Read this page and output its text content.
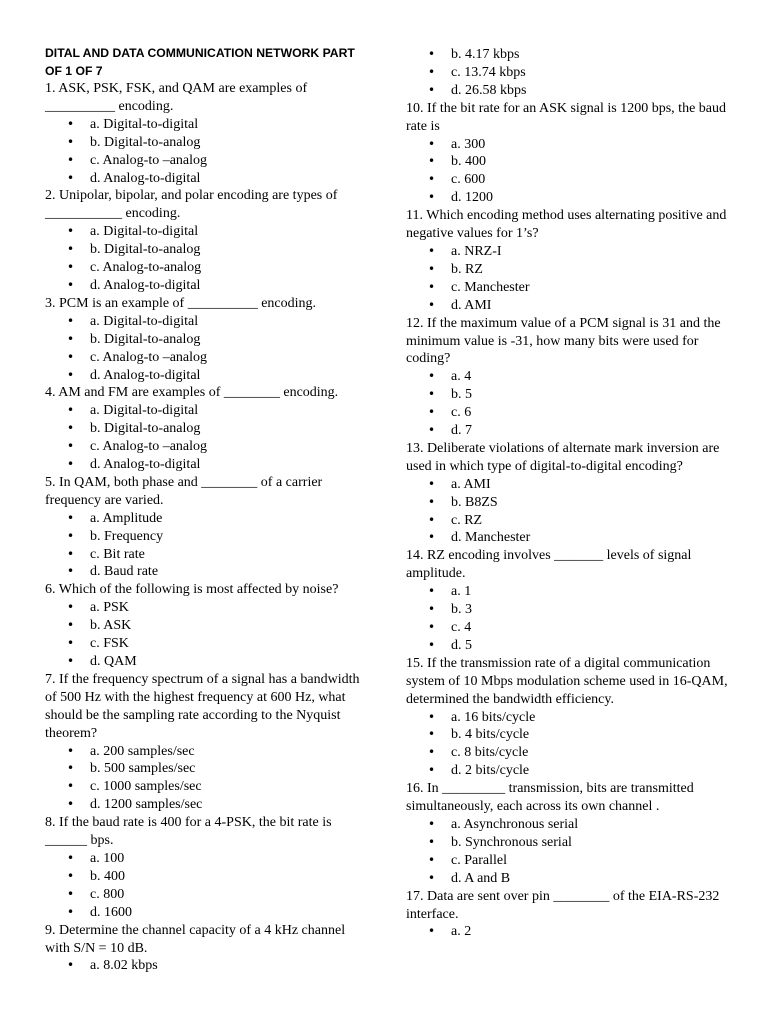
DITAL AND DATA COMMUNICATION NETWORK PART
OF 1 OF 7

1. ASK, PSK, FSK, and QAM are examples of __________ encoding.

• a. Digital-to-digital
• b. Digital-to-analog
• c. Analog-to –analog
• d. Analog-to-digital

2. Unipolar, bipolar, and polar encoding are types of ___________ encoding.

• a. Digital-to-digital
• b. Digital-to-analog
• c. Analog-to-analog
• d. Analog-to-digital

3. PCM is an example of __________ encoding.

• a. Digital-to-digital
• b. Digital-to-analog
• c. Analog-to –analog
• d. Analog-to-digital

4. AM and FM are examples of ________ encoding.

• a. Digital-to-digital
• b. Digital-to-analog
• c. Analog-to –analog
• d. Analog-to-digital

5. In QAM, both phase and ________ of a carrier frequency are varied.

• a. Amplitude
• b. Frequency
• c. Bit rate
• d. Baud rate

6. Which of the following is most affected by noise?

• a. PSK
• b. ASK
• c. FSK
• d. QAM

7. If the frequency spectrum of a signal has a bandwidth of 500 Hz with the highest frequency at 600 Hz, what should be the sampling rate according to the Nyquist theorem?

• a. 200 samples/sec
• b. 500 samples/sec
• c. 1000 samples/sec
• d. 1200 samples/sec

8. If the baud rate is 400 for a 4-PSK, the bit rate is ______ bps.

• a. 100
• b. 400
• c. 800
• d. 1600

9. Determine the channel capacity of a 4 kHz channel with S/N = 10 dB.

• a. 8.02 kbps
• b. 4.17 kbps
• c. 13.74 kbps
• d. 26.58 kbps

10. If the bit rate for an ASK signal is 1200 bps, the baud rate is

• a. 300
• b. 400
• c. 600
• d. 1200

11. Which encoding method uses alternating positive and negative values for 1’s?

• a. NRZ-I
• b. RZ
• c. Manchester
• d. AMI

12. If the maximum value of a PCM signal is 31 and the minimum value is -31, how many bits were used for coding?

• a. 4
• b. 5
• c. 6
• d. 7

13. Deliberate violations of alternate mark inversion are used in which type of digital-to-digital encoding?

• a. AMI
• b. B8ZS
• c. RZ
• d. Manchester

14. RZ encoding involves _______ levels of signal amplitude.

• a. 1
• b. 3
• c. 4
• d. 5

15. If the transmission rate of a digital communication system of 10 Mbps modulation scheme used in 16-QAM, determined the bandwidth efficiency.

• a. 16 bits/cycle
• b. 4 bits/cycle
• c. 8 bits/cycle
• d. 2 bits/cycle

16. In _________ transmission, bits are transmitted simultaneously, each across its own channel .

• a. Asynchronous serial
• b. Synchronous serial
• c. Parallel
• d. A and B

17. Data are sent over pin ________ of the EIA-RS-232 interface.

• a. 2
